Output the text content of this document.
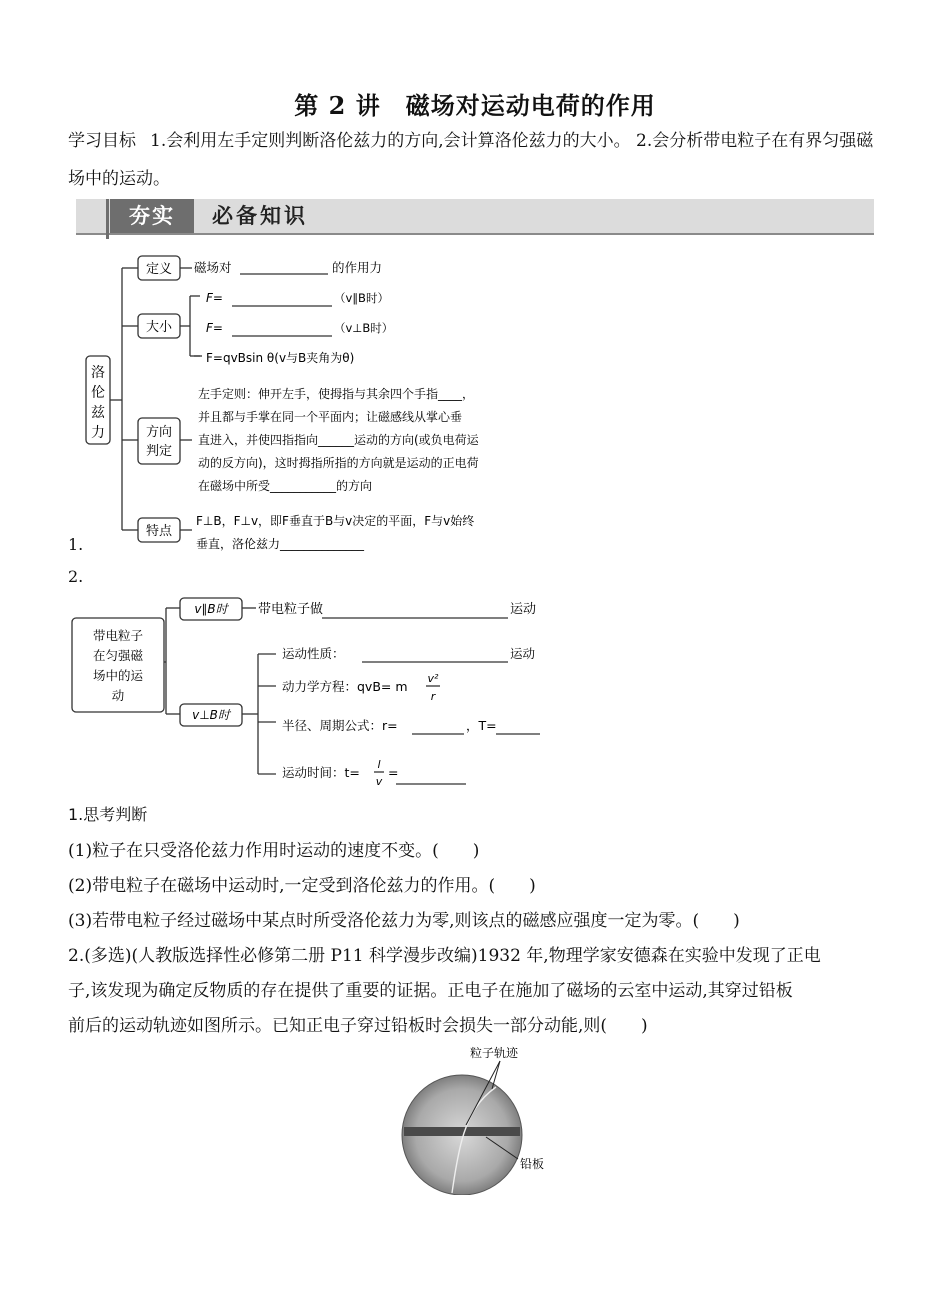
第 2 讲　磁场对运动电荷的作用
学习目标 1.会利用左手定则判断洛伦兹力的方向,会计算洛伦兹力的大小。 2.会分析带电粒子在有界匀强磁场中的运动。
夯实	必备知识
洛
伦
兹
力
定义
大小
方向
判定
特点
磁场对	的作用力
F=	（v∥B时）
F=	（v⊥B时）
F=qvBsin θ(v与B夹角为θ)
左手定则：伸开左手，使拇指与其余四个手指____，
并且都与手掌在同一个平面内；让磁感线从掌心垂
直进入，并使四指指向______运动的方向(或负电荷运
动的反方向)，这时拇指所指的方向就是运动的正电荷
在磁场中所受___________的方向
F⊥B，F⊥v，即F垂直于B与v决定的平面，F与v始终
垂直，洛伦兹力______________
1.
2.
带电粒子
在匀强磁
场中的运
动
v∥B时
v⊥B时
带电粒子做	运动
运动性质：	运动
动力学方程：qvB= m
v²
r
半径、周期公式：r=	，T=
运动时间：t=
l
v
=
1.思考判断
(1)粒子在只受洛伦兹力作用时运动的速度不变。(　　)
(2)带电粒子在磁场中运动时,一定受到洛伦兹力的作用。(　　)
(3)若带电粒子经过磁场中某点时所受洛伦兹力为零,则该点的磁感应强度一定为零。(　　)
2.(多选)(人教版选择性必修第二册 P11 科学漫步改编)1932 年,物理学家安德森在实验中发现了正电
子,该发现为确定反物质的存在提供了重要的证据。正电子在施加了磁场的云室中运动,其穿过铅板
前后的运动轨迹如图所示。已知正电子穿过铅板时会损失一部分动能,则(　　)
粒子轨迹
铅板
